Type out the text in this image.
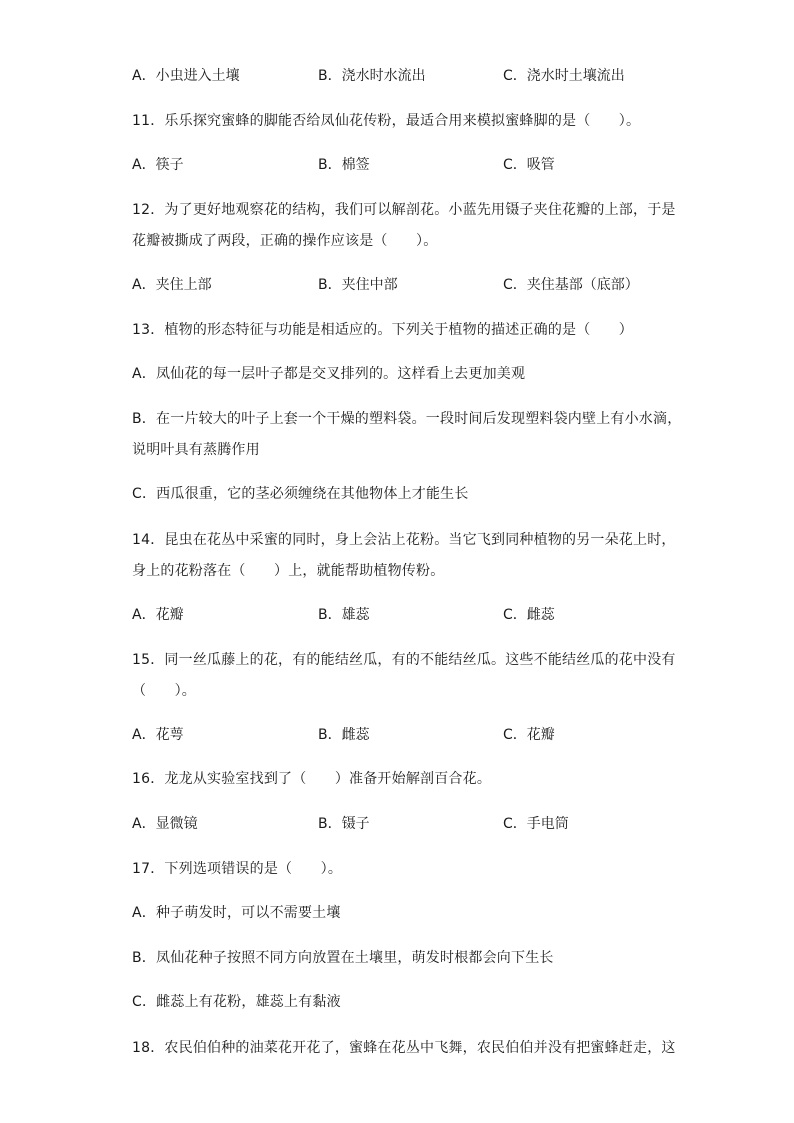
A．小虫进入土壤	B．浇水时水流出	C．浇水时土壤流出
11．乐乐探究蜜蜂的脚能否给凤仙花传粉，最适合用来模拟蜜蜂脚的是（　　）。
A．筷子	B．棉签	C．吸管
12．为了更好地观察花的结构，我们可以解剖花。小蓝先用镊子夹住花瓣的上部，于是
花瓣被撕成了两段，正确的操作应该是（　　）。
A．夹住上部	B．夹住中部	C．夹住基部（底部）
13．植物的形态特征与功能是相适应的。下列关于植物的描述正确的是（　　）
A．凤仙花的每一层叶子都是交叉排列的。这样看上去更加美观
B．在一片较大的叶子上套一个干燥的塑料袋。一段时间后发现塑料袋内壁上有小水滴，
说明叶具有蒸腾作用
C．西瓜很重，它的茎必须缠绕在其他物体上才能生长
14．昆虫在花丛中采蜜的同时，身上会沾上花粉。当它飞到同种植物的另一朵花上时，
身上的花粉落在（　　）上，就能帮助植物传粉。
A．花瓣	B．雄蕊	C．雌蕊
15．同一丝瓜藤上的花，有的能结丝瓜，有的不能结丝瓜。这些不能结丝瓜的花中没有
（　　）。
A．花萼	B．雌蕊	C．花瓣
16．龙龙从实验室找到了（　　）准备开始解剖百合花。
A．显微镜	B．镊子	C．手电筒
17．下列选项错误的是（　　）。
A．种子萌发时，可以不需要土壤
B．凤仙花种子按照不同方向放置在土壤里，萌发时根都会向下生长
C．雌蕊上有花粉，雄蕊上有黏液
18．农民伯伯种的油菜花开花了，蜜蜂在花丛中飞舞，农民伯伯并没有把蜜蜂赶走，这
